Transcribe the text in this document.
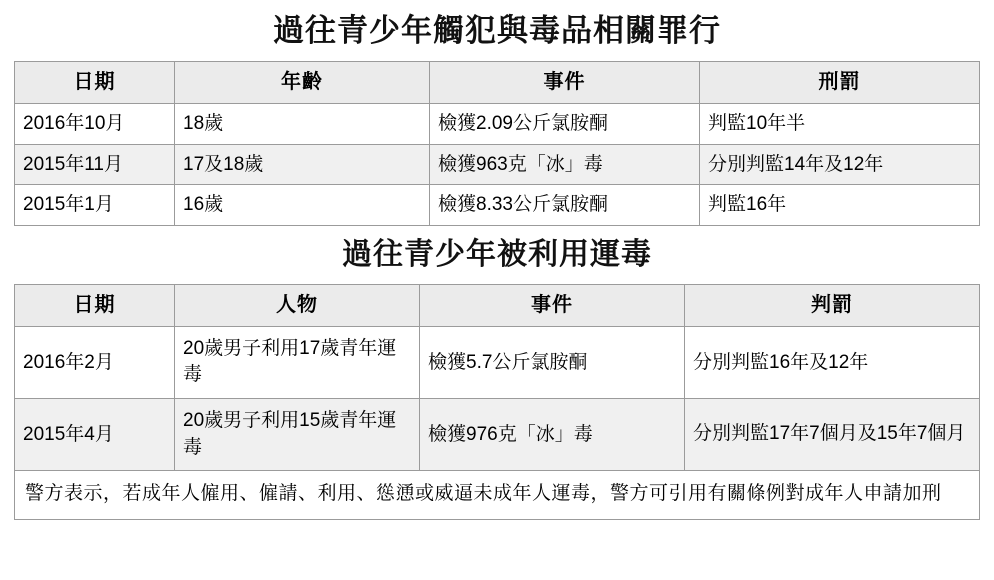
過往青少年觸犯與毒品相關罪行
日期	年齡	事件	刑罰
2016年10月	18歲	檢獲2.09公斤氯胺酮	判監10年半
2015年11月	17及18歲	檢獲963克「冰」毒	分別判監14年及12年
2015年1月	16歲	檢獲8.33公斤氯胺酮	判監16年
過往青少年被利用運毒
日期	人物	事件	判罰
2016年2月	20歲男子利用17歲青年運毒	檢獲5.7公斤氯胺酮	分別判監16年及12年
2015年4月	20歲男子利用15歲青年運毒	檢獲976克「冰」毒	分別判監17年7個月及15年7個月
警方表示，若成年人僱用、僱請、利用、慫慂或威逼未成年人運毒，警方可引用有關條例對成年人申請加刑
